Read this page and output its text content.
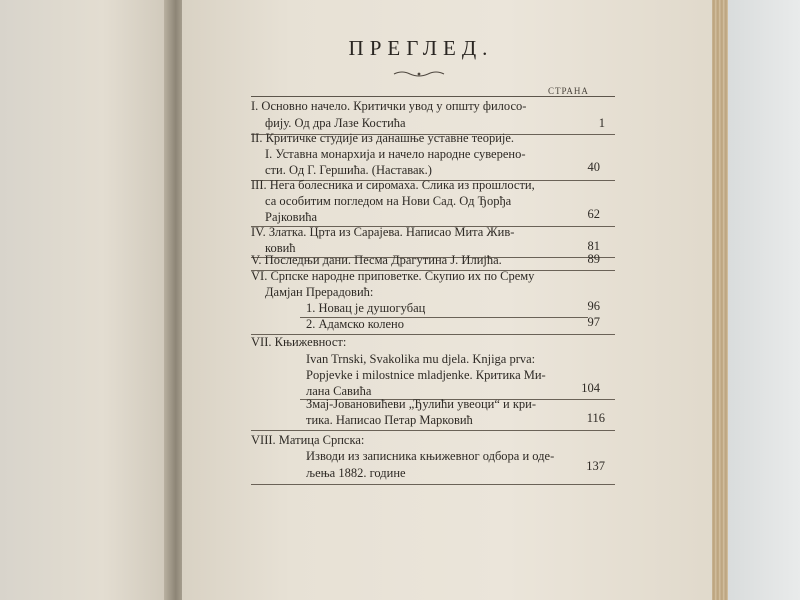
ПРЕГЛЕД.
СТРАНА
I. Основно начело. Критички увод у општу филосо-
фију. Од дра Лазе Костића	1
II. Критичке студије из данашње уставне теорије.
I. Уставна монархија и начело народне суверено-
сти. Од Г. Гершића. (Наставак.)	40
III. Нега болесника и сиромаха. Слика из прошлости,
са особитим погледом на Нови Сад. Од Ђорђа
Рајковића	62
IV. Златка. Црта из Сарајева. Написао Мита Жив-
ковић	81
V. Последњи дани. Песма Драгутина J. Илијћа.	89
VI. Српске народне приповетке. Скупио их по Срему
Дамјан Прерадовић:
1. Новац је душогубац	96
2. Адамско колено	97
VII. Књижевност:
Ivan Trnski, Svakolika mu djela. Knjiga prva:
Popjevke i milostnice mladjenke. Критика Ми-
лана Савића	104
Змај-Јовановићеви „Ђулићи увеоци“ и кри-
тика. Написао Петар Марковић	116
VIII. Матица Српска:
Изводи из записника књижевног одбора и оде-
љења 1882. године	137
